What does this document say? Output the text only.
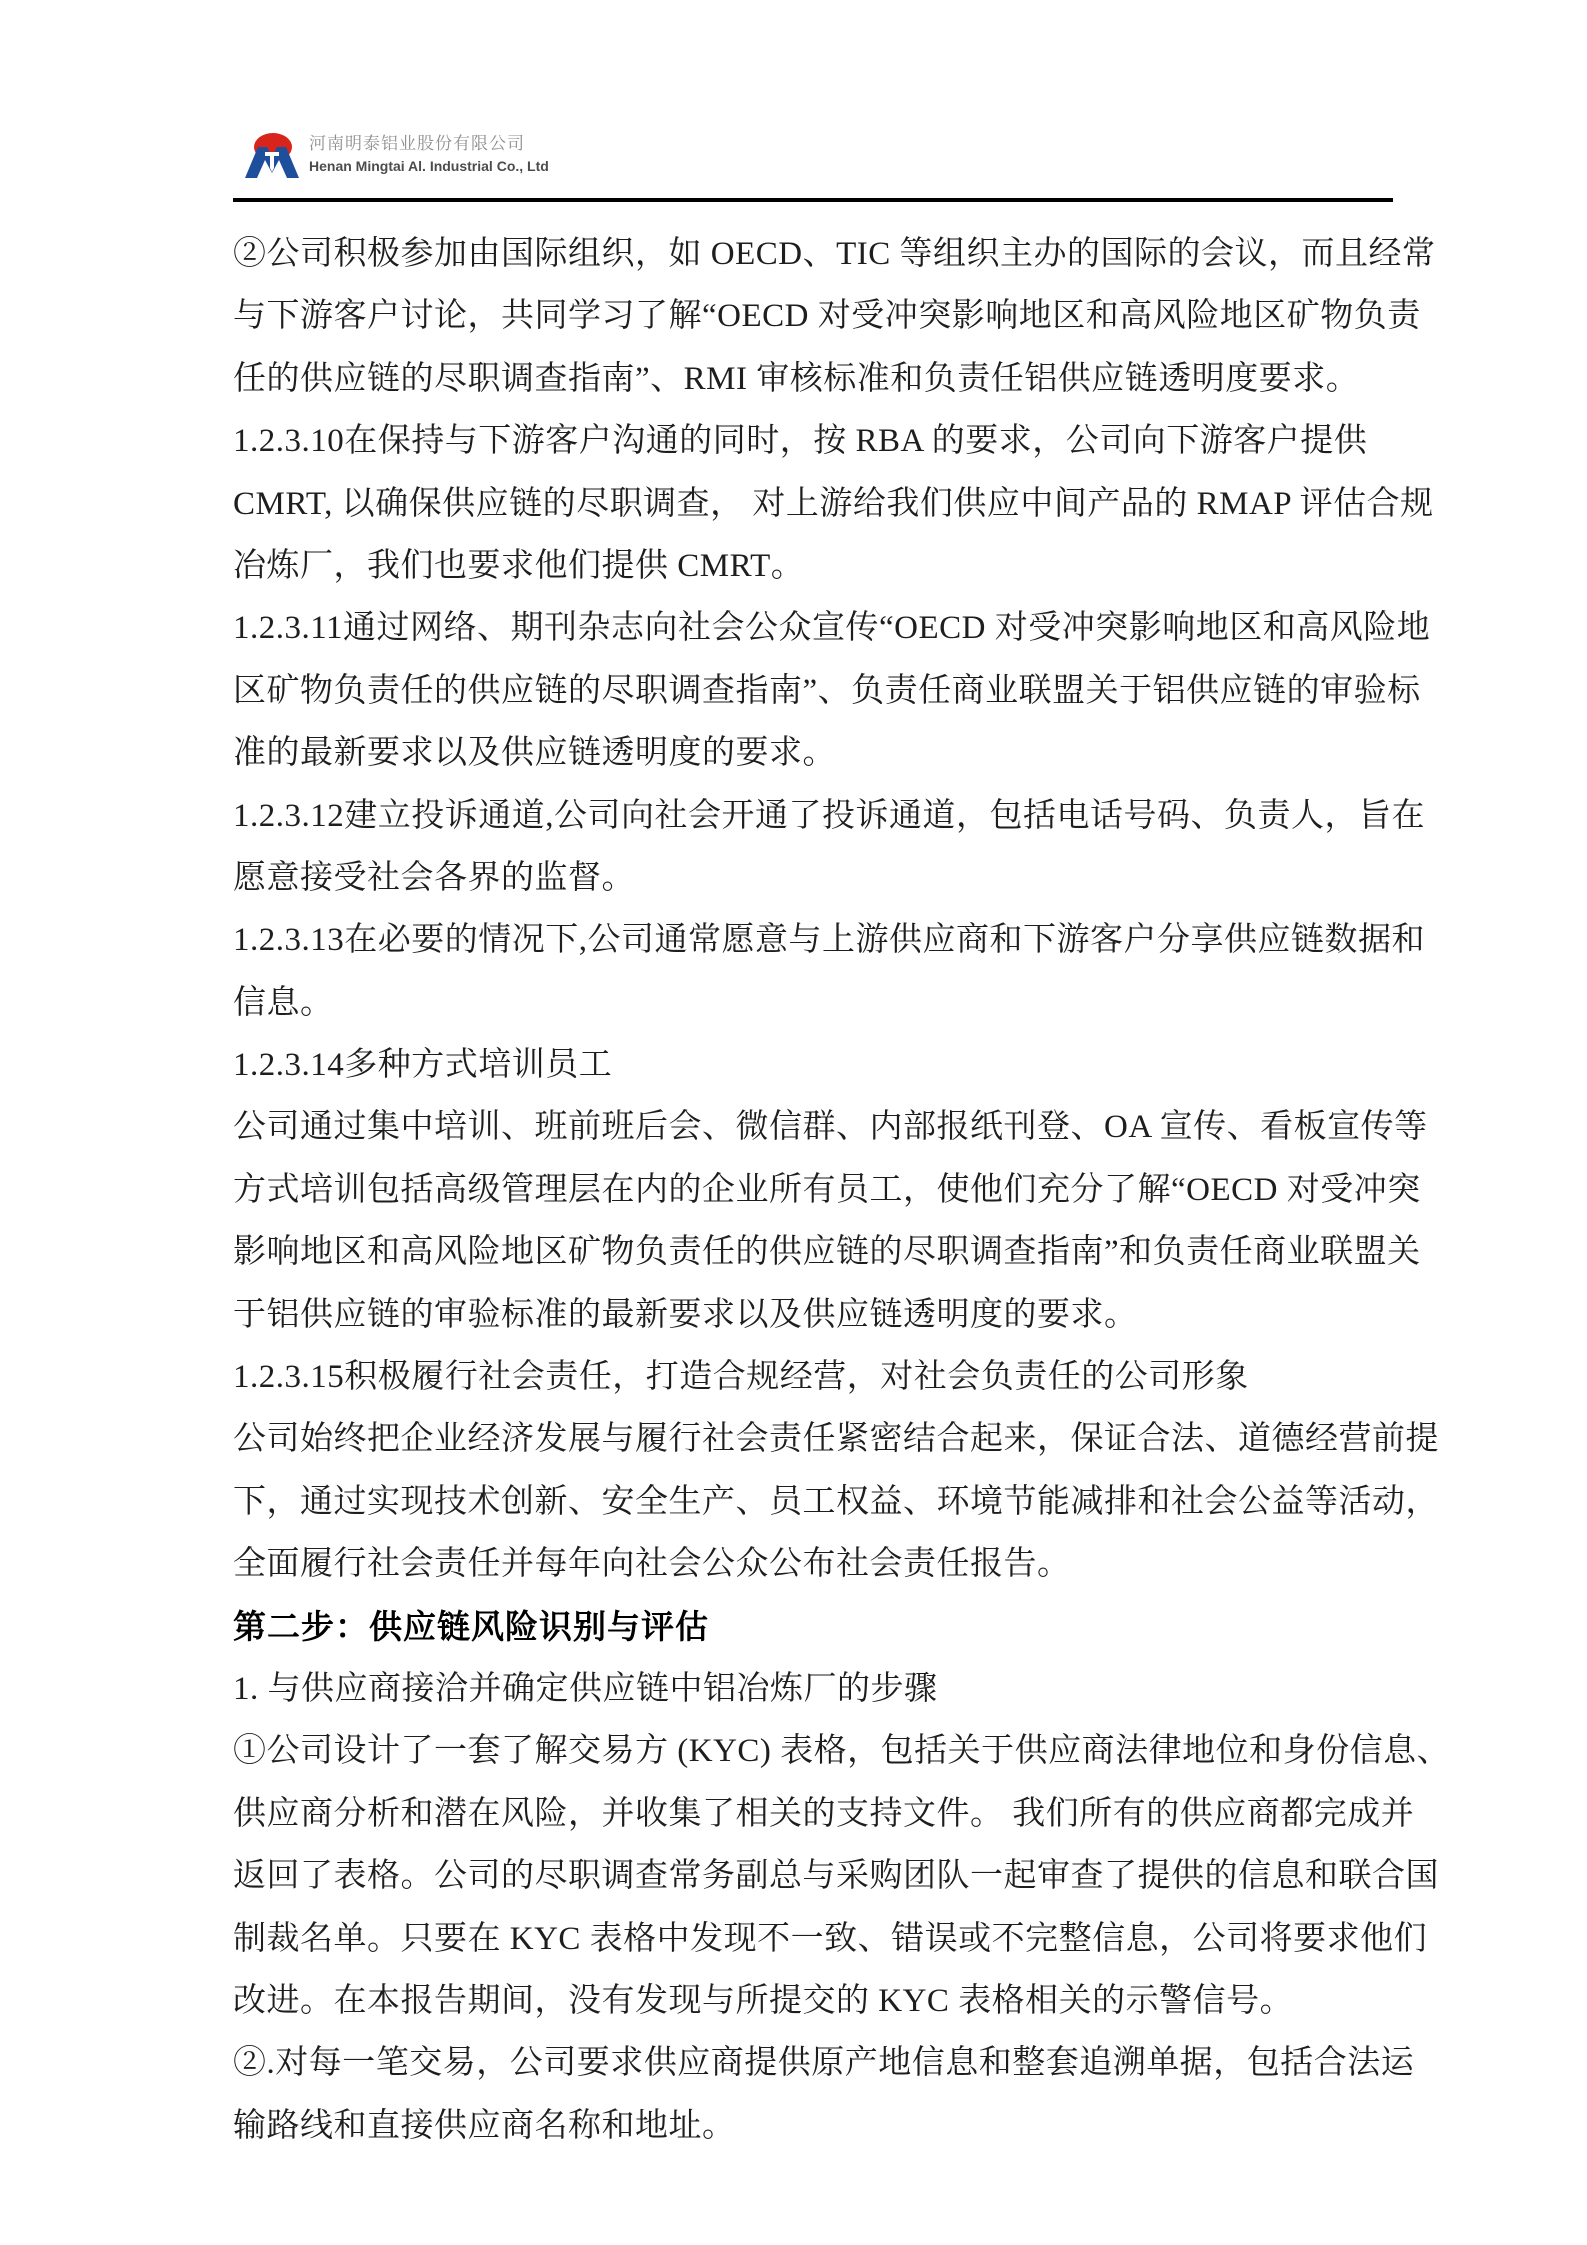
河南明泰铝业股份有限公司
Henan Mingtai Al. Industrial Co., Ltd
②公司积极参加由国际组织，如 OECD、TIC 等组织主办的国际的会议，而且经常
与下游客户讨论，共同学习了解“OECD 对受冲突影响地区和高风险地区矿物负责
任的供应链的尽职调查指南”、RMI 审核标准和负责任铝供应链透明度要求。
1.2.3.10在保持与下游客户沟通的同时，按 RBA 的要求，公司向下游客户提供
CMRT, 以确保供应链的尽职调查， 对上游给我们供应中间产品的 RMAP 评估合规
冶炼厂，我们也要求他们提供 CMRT。
1.2.3.11通过网络、期刊杂志向社会公众宣传“OECD 对受冲突影响地区和高风险地
区矿物负责任的供应链的尽职调查指南”、负责任商业联盟关于铝供应链的审验标
准的最新要求以及供应链透明度的要求。
1.2.3.12建立投诉通道,公司向社会开通了投诉通道，包括电话号码、负责人，旨在
愿意接受社会各界的监督。
1.2.3.13在必要的情况下,公司通常愿意与上游供应商和下游客户分享供应链数据和
信息。
1.2.3.14多种方式培训员工
公司通过集中培训、班前班后会、微信群、内部报纸刊登、OA 宣传、看板宣传等
方式培训包括高级管理层在内的企业所有员工，使他们充分了解“OECD 对受冲突
影响地区和高风险地区矿物负责任的供应链的尽职调查指南”和负责任商业联盟关
于铝供应链的审验标准的最新要求以及供应链透明度的要求。
1.2.3.15积极履行社会责任，打造合规经营，对社会负责任的公司形象
公司始终把企业经济发展与履行社会责任紧密结合起来，保证合法、道德经营前提
下，通过实现技术创新、安全生产、员工权益、环境节能减排和社会公益等活动，
全面履行社会责任并每年向社会公众公布社会责任报告。
第二步：供应链风险识别与评估
1. 与供应商接洽并确定供应链中铝冶炼厂的步骤
①公司设计了一套了解交易方 (KYC) 表格，包括关于供应商法律地位和身份信息、
供应商分析和潜在风险，并收集了相关的支持文件。 我们所有的供应商都完成并
返回了表格。公司的尽职调查常务副总与采购团队一起审查了提供的信息和联合国
制裁名单。只要在 KYC 表格中发现不一致、错误或不完整信息，公司将要求他们
改进。在本报告期间，没有发现与所提交的 KYC 表格相关的示警信号。
②.对每一笔交易，公司要求供应商提供原产地信息和整套追溯单据，包括合法运
输路线和直接供应商名称和地址。
